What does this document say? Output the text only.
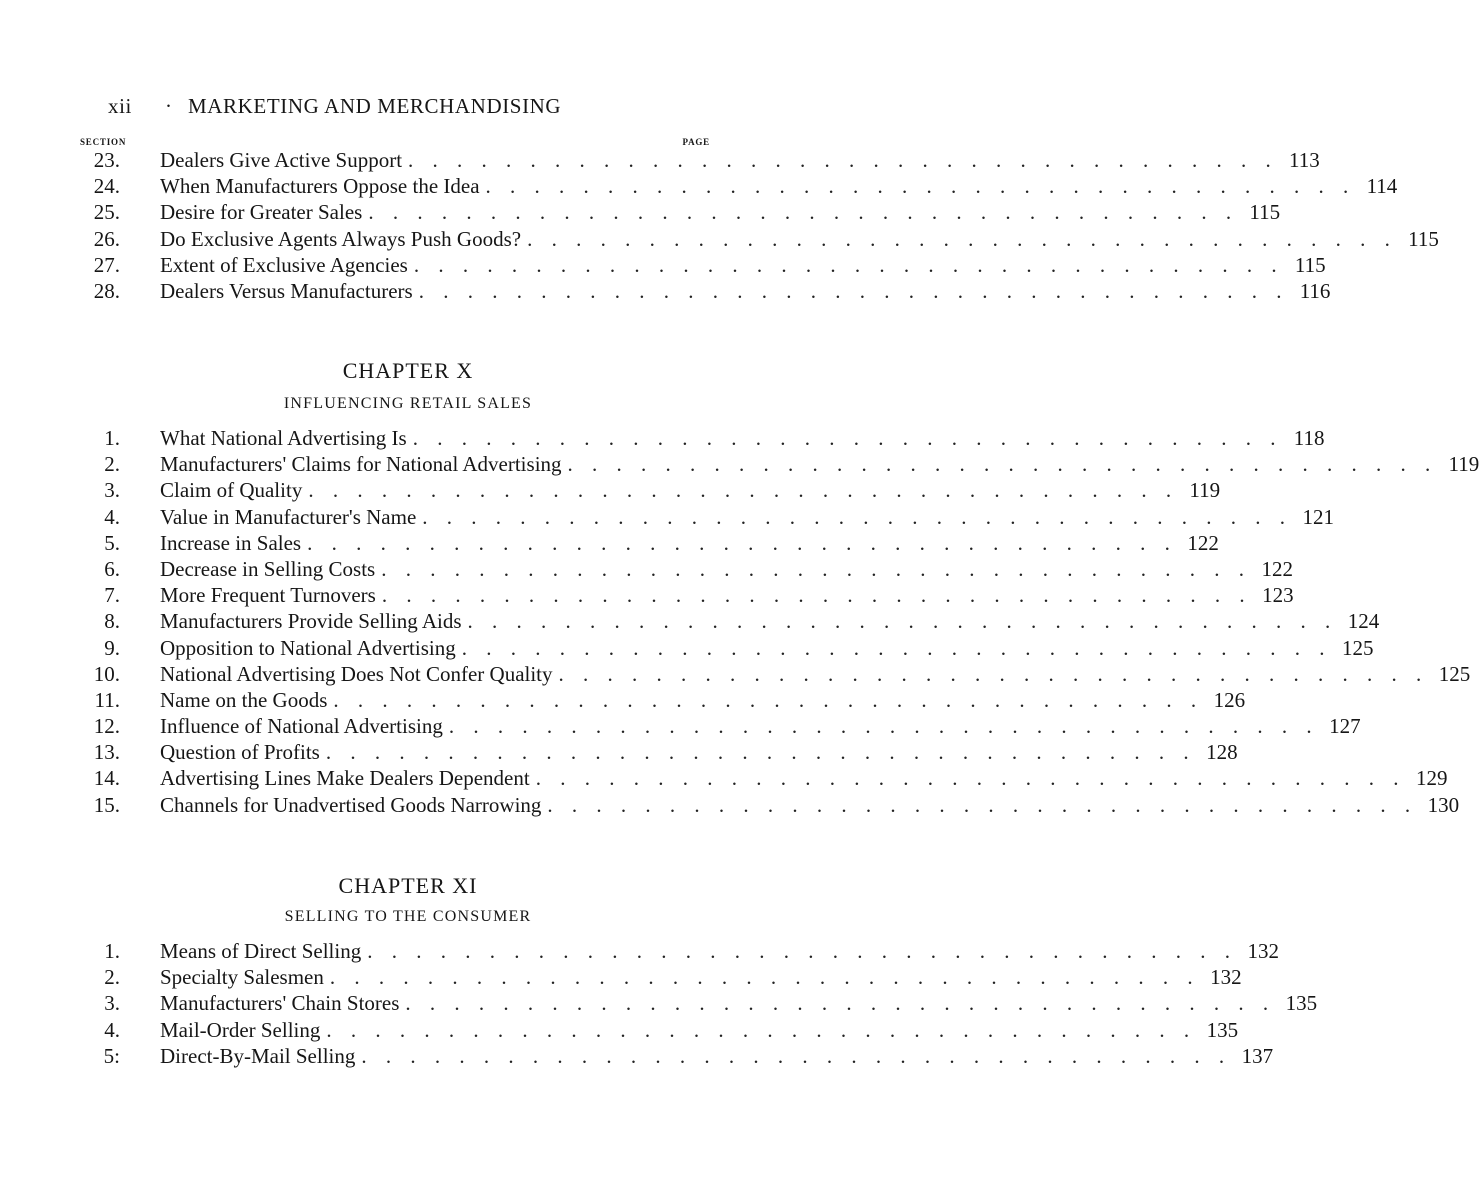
xii · MARKETING AND MERCHANDISING
SECTION	PAGE
23. Dealers Give Active Support . . . . . . . . . . . . . . . . . . . . . . . . . . . . . . . . . . . . 113
24. When Manufacturers Oppose the Idea . . . . . . . . . . . . . . . . . . . . . . . . . . . . . . . . . . . . 114
25. Desire for Greater Sales . . . . . . . . . . . . . . . . . . . . . . . . . . . . . . . . . . . . 115
26. Do Exclusive Agents Always Push Goods? . . . . . . . . . . . . . . . . . . . . . . . . . . . . . . . . . . . . 115
27. Extent of Exclusive Agencies . . . . . . . . . . . . . . . . . . . . . . . . . . . . . . . . . . . . 115
28. Dealers Versus Manufacturers . . . . . . . . . . . . . . . . . . . . . . . . . . . . . . . . . . . . 116
CHAPTER X
INFLUENCING RETAIL SALES
1. What National Advertising Is . . . . . . . . . . . . . . . . . . . . . . . . . . . . . . . . . . . . 118
2. Manufacturers' Claims for National Advertising . . . . . . . . . . . . . . . . . . . . . . . . . . . . . . . . . . . . 119
3. Claim of Quality . . . . . . . . . . . . . . . . . . . . . . . . . . . . . . . . . . . . 119
4. Value in Manufacturer's Name . . . . . . . . . . . . . . . . . . . . . . . . . . . . . . . . . . . . 121
5. Increase in Sales . . . . . . . . . . . . . . . . . . . . . . . . . . . . . . . . . . . . 122
6. Decrease in Selling Costs . . . . . . . . . . . . . . . . . . . . . . . . . . . . . . . . . . . . 122
7. More Frequent Turnovers . . . . . . . . . . . . . . . . . . . . . . . . . . . . . . . . . . . . 123
8. Manufacturers Provide Selling Aids . . . . . . . . . . . . . . . . . . . . . . . . . . . . . . . . . . . . 124
9. Opposition to National Advertising . . . . . . . . . . . . . . . . . . . . . . . . . . . . . . . . . . . . 125
10. National Advertising Does Not Confer Quality . . . . . . . . . . . . . . . . . . . . . . . . . . . . . . . . . . . . 125
11. Name on the Goods . . . . . . . . . . . . . . . . . . . . . . . . . . . . . . . . . . . . 126
12. Influence of National Advertising . . . . . . . . . . . . . . . . . . . . . . . . . . . . . . . . . . . . 127
13. Question of Profits . . . . . . . . . . . . . . . . . . . . . . . . . . . . . . . . . . . . 128
14. Advertising Lines Make Dealers Dependent . . . . . . . . . . . . . . . . . . . . . . . . . . . . . . . . . . . . 129
15. Channels for Unadvertised Goods Narrowing . . . . . . . . . . . . . . . . . . . . . . . . . . . . . . . . . . . . 130
CHAPTER XI
SELLING TO THE CONSUMER
1. Means of Direct Selling . . . . . . . . . . . . . . . . . . . . . . . . . . . . . . . . . . . . 132
2. Specialty Salesmen . . . . . . . . . . . . . . . . . . . . . . . . . . . . . . . . . . . . 132
3. Manufacturers' Chain Stores . . . . . . . . . . . . . . . . . . . . . . . . . . . . . . . . . . . . 135
4. Mail-Order Selling . . . . . . . . . . . . . . . . . . . . . . . . . . . . . . . . . . . . 135
5: Direct-By-Mail Selling . . . . . . . . . . . . . . . . . . . . . . . . . . . . . . . . . . . . 137
